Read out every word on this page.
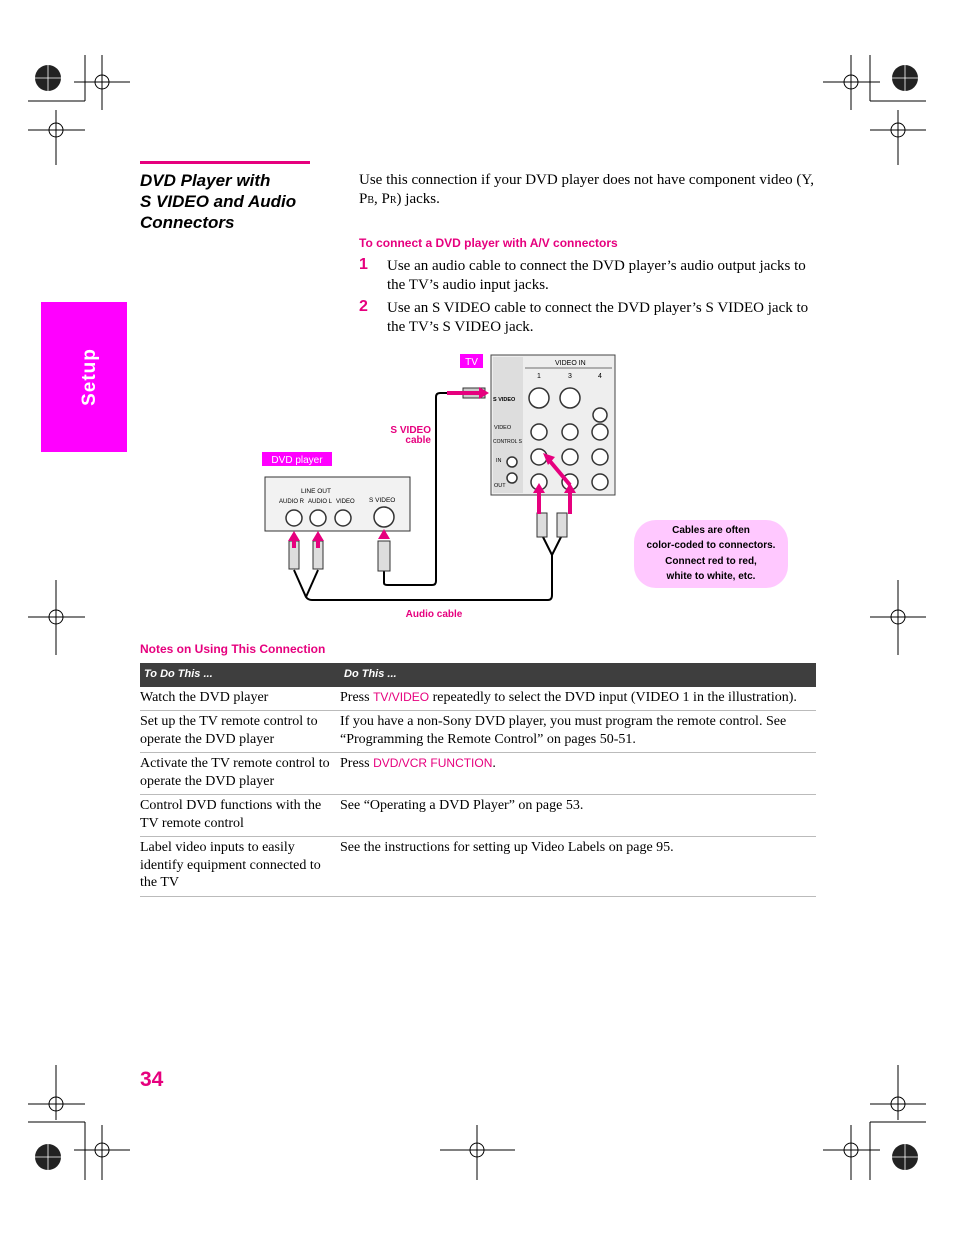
Setup
DVD Player with
S VIDEO and Audio
Connectors
Use this connection if your DVD player does not have component video (Y, PB, PR) jacks.
To connect a DVD player with A/V connectors
1 Use an audio cable to connect the DVD player’s audio output jacks to the TV’s audio input jacks.
2 Use an S VIDEO cable to connect the DVD player’s S VIDEO jack to the TV’s S VIDEO jack.
TV	VIDEO IN
1	3	4
S VIDEO
VIDEO
CONTROL S
IN
OUT
DVD player
LINE OUT
AUDIO R AUDIO L VIDEO S VIDEO
S VIDEO
cable
Audio cable
Cables are often
color-coded to connectors.
Connect red to red,
white to white, etc.
Notes on Using This Connection
To Do This ...	Do This ...
Watch the DVD player	Press TV/VIDEO repeatedly to select the DVD input (VIDEO 1 in the illustration).
Set up the TV remote control to operate the DVD player	If you have a non-Sony DVD player, you must program the remote control. See “Programming the Remote Control” on pages 50-51.
Activate the TV remote control to operate the DVD player	Press DVD/VCR FUNCTION.
Control DVD functions with the TV remote control	See “Operating a DVD Player” on page 53.
Label video inputs to easily identify equipment connected to the TV	See the instructions for setting up Video Labels on page 95.
34
